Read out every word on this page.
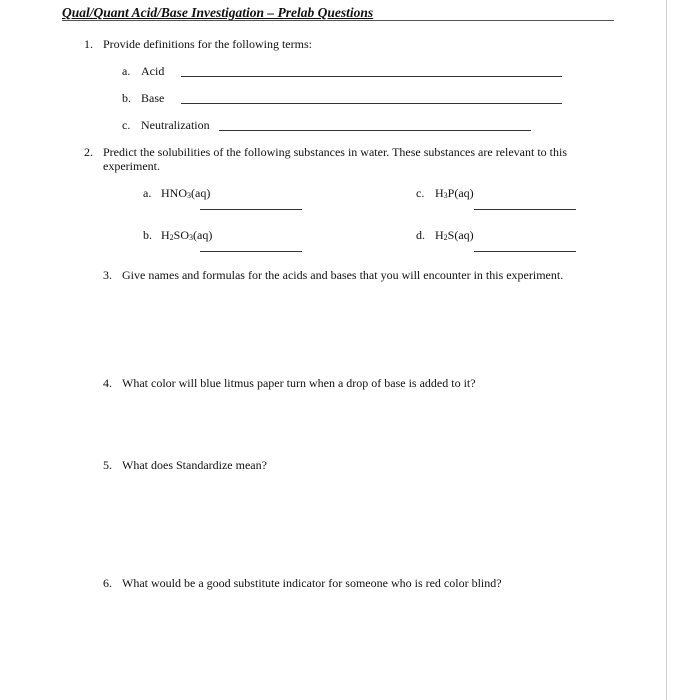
Qual/Quant Acid/Base Investigation – Prelab Questions
1. Provide definitions for the following terms:
a. Acid
b. Base
c. Neutralization
2. Predict the solubilities of the following substances in water. These substances are relevant to this experiment.
a. $HNO_3(aq)$	c. $H_3P(aq)$
b. $H_2SO_3(aq)$	d. $H_2S(aq)$
3. Give names and formulas for the acids and bases that you will encounter in this experiment.
4. What color will blue litmus paper turn when a drop of base is added to it?
5. What does Standardize mean?
6. What would be a good substitute indicator for someone who is red color blind?
